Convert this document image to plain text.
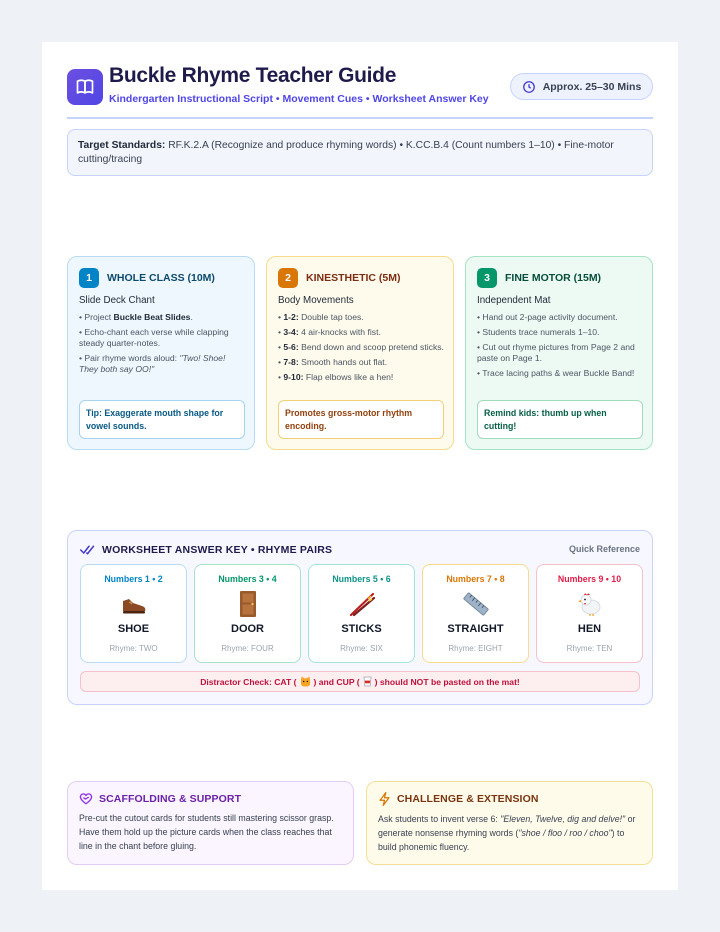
Buckle Rhyme Teacher Guide
Kindergarten Instructional Script • Movement Cues • Worksheet Answer Key
Approx. 25–30 Mins
Target Standards: RF.K.2.A (Recognize and produce rhyming words) • K.CC.B.4 (Count numbers 1–10) • Fine-motor cutting/tracing
1	WHOLE CLASS (10M)
Slide Deck Chant
• Project Buckle Beat Slides.
• Echo-chant each verse while clapping steady quarter-notes.
• Pair rhyme words aloud: "Two! Shoe! They both say OO!"
Tip: Exaggerate mouth shape for vowel sounds.
2	KINESTHETIC (5M)
Body Movements
• 1-2: Double tap toes.
• 3-4: 4 air-knocks with fist.
• 5-6: Bend down and scoop pretend sticks.
• 7-8: Smooth hands out flat.
• 9-10: Flap elbows like a hen!
Promotes gross-motor rhythm encoding.
3	FINE MOTOR (15M)
Independent Mat
• Hand out 2-page activity document.
• Students trace numerals 1–10.
• Cut out rhyme pictures from Page 2 and paste on Page 1.
• Trace lacing paths & wear Buckle Band!
Remind kids: thumb up when cutting!
WORKSHEET ANSWER KEY • RHYME PAIRS	Quick Reference
Numbers 1 • 2
SHOE
Rhyme: TWO
Numbers 3 • 4
DOOR
Rhyme: FOUR
Numbers 5 • 6
STICKS
Rhyme: SIX
Numbers 7 • 8
STRAIGHT
Rhyme: EIGHT
Numbers 9 • 10
HEN
Rhyme: TEN
Distractor Check: CAT ( ) and CUP ( ) should NOT be pasted on the mat!
SCAFFOLDING & SUPPORT
Pre-cut the cutout cards for students still mastering scissor grasp. Have them hold up the picture cards when the class reaches that line in the chant before gluing.
CHALLENGE & EXTENSION
Ask students to invent verse 6: "Eleven, Twelve, dig and delve!" or generate nonsense rhyming words ("shoe / floo / roo / choo") to build phonemic fluency.
